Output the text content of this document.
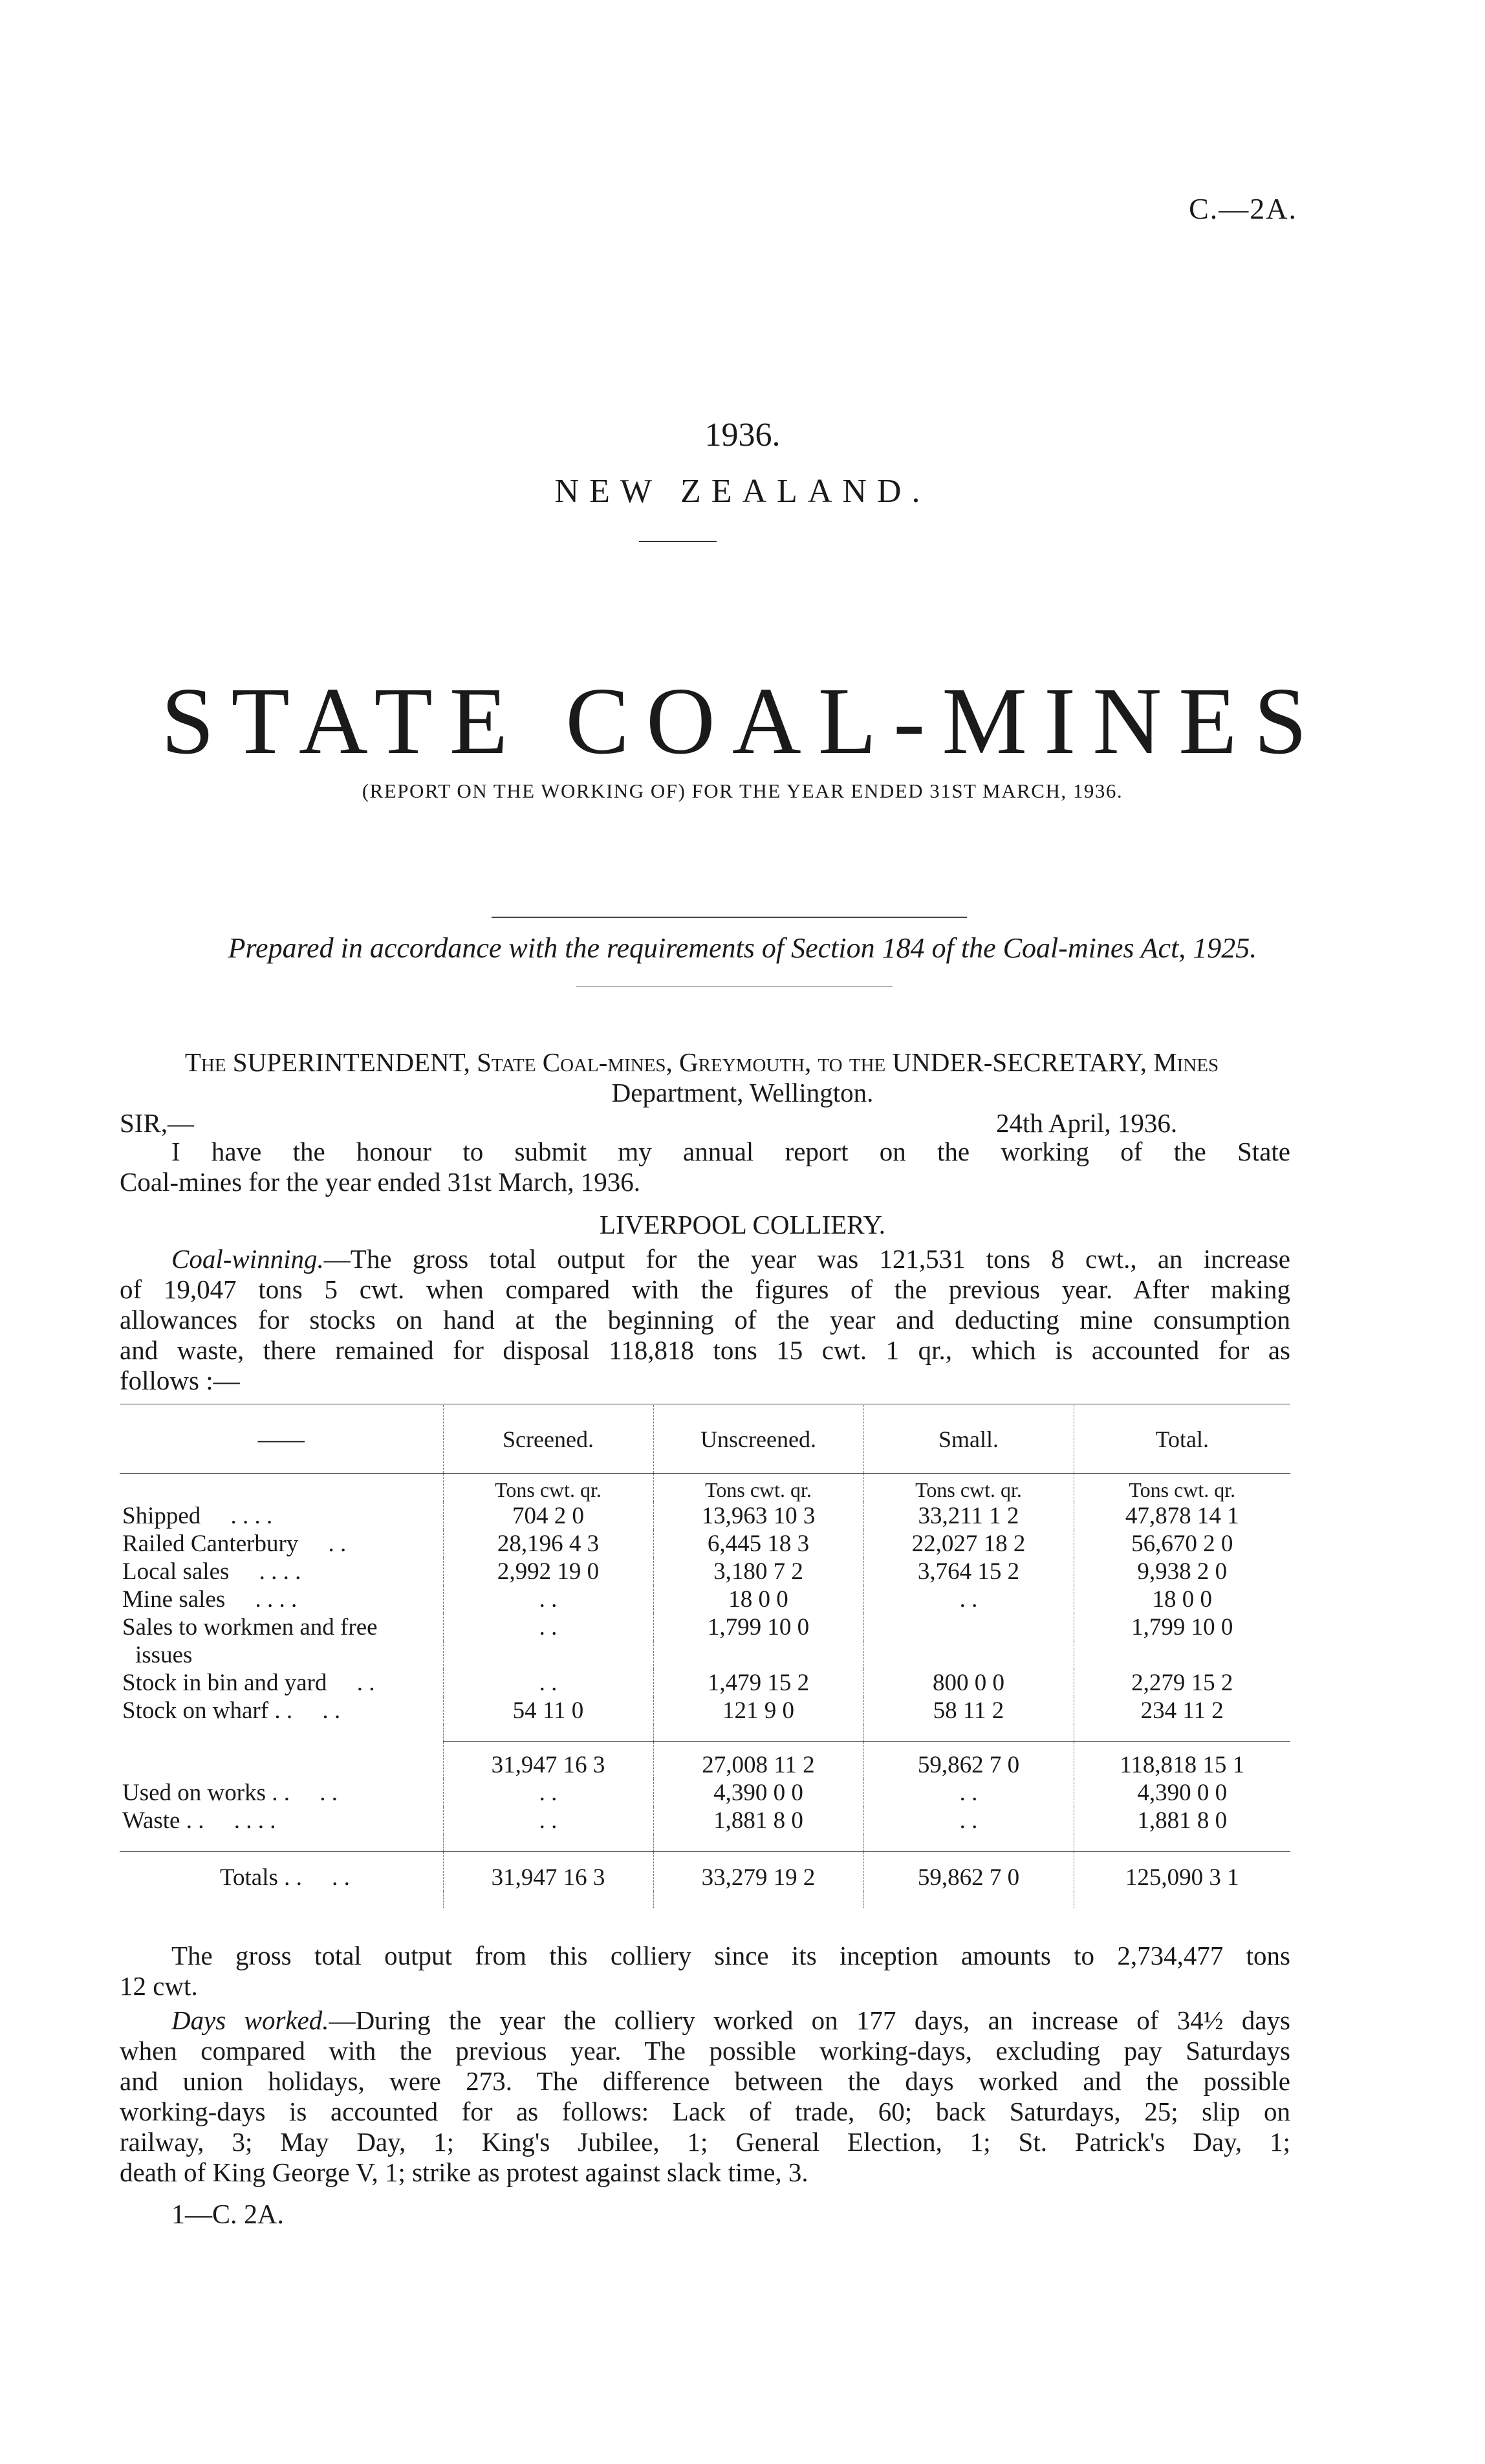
C.—2A.
1936.
NEW ZEALAND.
STATE COAL-MINES
(REPORT ON THE WORKING OF) FOR THE YEAR ENDED 31ST MARCH, 1936.
Prepared in accordance with the requirements of Section 184 of the Coal-mines Act, 1925.
The SUPERINTENDENT, State Coal-mines, Greymouth, to the UNDER-SECRETARY, Mines
Department, Wellington.
SIR,—	24th April, 1936.
I have the honour to submit my annual report on the working of the State
Coal-mines for the year ended 31st March, 1936.
LIVERPOOL COLLIERY.
Coal-winning.—The gross total output for the year was 121,531 tons 8 cwt., an increase
of 19,047 tons 5 cwt. when compared with the figures of the previous year. After making
allowances for stocks on hand at the beginning of the year and deducting mine consumption
and waste, there remained for disposal 118,818 tons 15 cwt. 1 qr., which is accounted for as
follows :—
——	Screened.	Unscreened.	Small.	Total.
	Tons cwt. qr.	Tons cwt. qr.	Tons cwt. qr.	Tons cwt. qr.
Shipped . . . .	704 2 0	13,963 10 3	33,211 1 2	47,878 14 1
Railed Canterbury . .	28,196 4 3	6,445 18 3	22,027 18 2	56,670 2 0
Local sales . . . .	2,992 19 0	3,180 7 2	3,764 15 2	9,938 2 0
Mine sales . . . .	. .	18 0 0	. .	18 0 0
Sales to workmen and free	. .	1,799 10 0		1,799 10 0
issues				
Stock in bin and yard . .	. .	1,479 15 2	800 0 0	2,279 15 2
Stock on wharf . . . .	54 11 0	121 9 0	58 11 2	234 11 2

	31,947 16 3	27,008 11 2	59,862 7 0	118,818 15 1
Used on works . . . .	. .	4,390 0 0	. .	4,390 0 0
Waste . . . . . .	. .	1,881 8 0	. .	1,881 8 0

Totals . . . .	31,947 16 3	33,279 19 2	59,862 7 0	125,090 3 1

The gross total output from this colliery since its inception amounts to 2,734,477 tons
12 cwt.
Days worked.—During the year the colliery worked on 177 days, an increase of 34½ days
when compared with the previous year. The possible working-days, excluding pay Saturdays
and union holidays, were 273. The difference between the days worked and the possible
working-days is accounted for as follows: Lack of trade, 60; back Saturdays, 25; slip on
railway, 3; May Day, 1; King's Jubilee, 1; General Election, 1; St. Patrick's Day, 1;
death of King George V, 1; strike as protest against slack time, 3.
1—C. 2A.
